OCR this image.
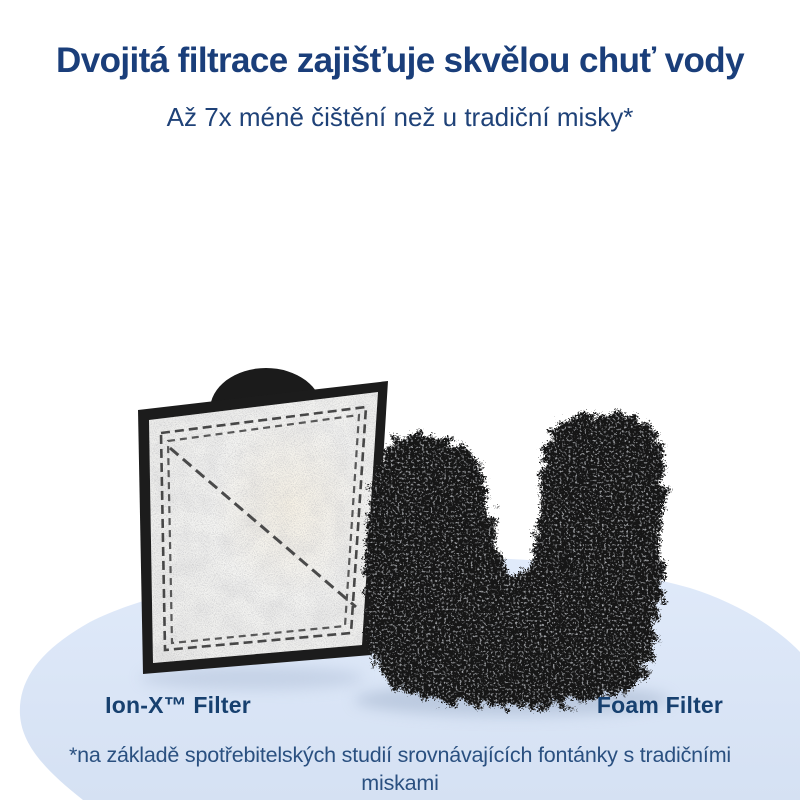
Dvojitá filtrace zajišťuje skvělou chuť vody
Až 7x méně čištění než u tradiční misky*
Ion-X™ Filter	Foam Filter
*na základě spotřebitelských studií srovnávajících fontánky s tradičními
miskami
